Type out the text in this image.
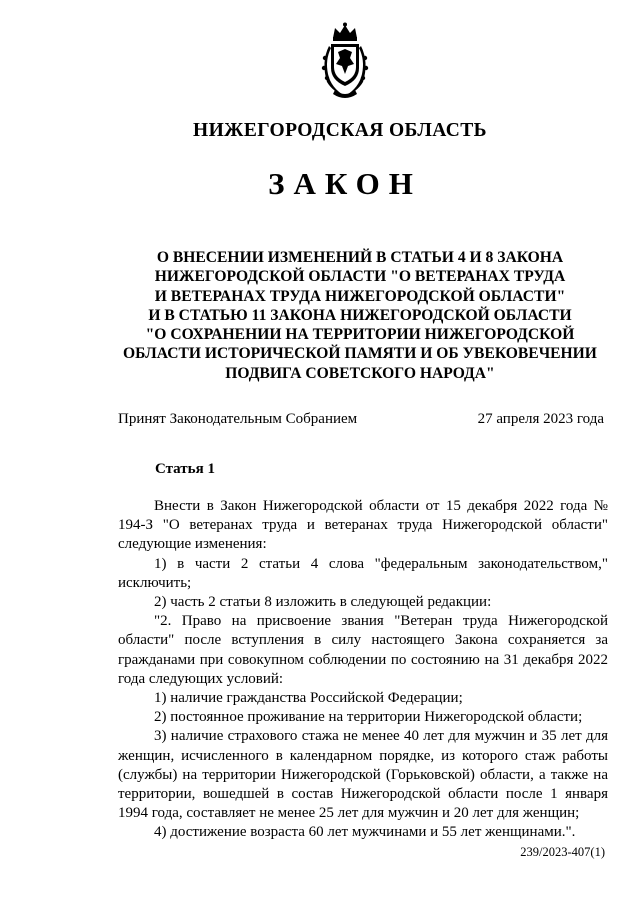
НИЖЕГОРОДСКАЯ ОБЛАСТЬ
ЗАКОН
О ВНЕСЕНИИ ИЗМЕНЕНИЙ В СТАТЬИ 4 И 8 ЗАКОНА
НИЖЕГОРОДСКОЙ ОБЛАСТИ "О ВЕТЕРАНАХ ТРУДА
И ВЕТЕРАНАХ ТРУДА НИЖЕГОРОДСКОЙ ОБЛАСТИ"
И В СТАТЬЮ 11 ЗАКОНА НИЖЕГОРОДСКОЙ ОБЛАСТИ
"О СОХРАНЕНИИ НА ТЕРРИТОРИИ НИЖЕГОРОДСКОЙ
ОБЛАСТИ ИСТОРИЧЕСКОЙ ПАМЯТИ И ОБ УВЕКОВЕЧЕНИИ
ПОДВИГА СОВЕТСКОГО НАРОДА"
Принят Законодательным Собранием	27 апреля 2023 года
Статья 1

Внести в Закон Нижегородской области от 15 декабря 2022 года № 194-З "О ветеранах труда и ветеранах труда Нижегородской области" следующие изменения:

1) в части 2 статьи 4 слова "федеральным законодательством," исключить;

2) часть 2 статьи 8 изложить в следующей редакции:

"2. Право на присвоение звания "Ветеран труда Нижегородской области" после вступления в силу настоящего Закона сохраняется за гражданами при совокупном соблюдении по состоянию на 31 декабря 2022 года следующих условий:

1) наличие гражданства Российской Федерации;

2) постоянное проживание на территории Нижегородской области;

3) наличие страхового стажа не менее 40 лет для мужчин и 35 лет для женщин, исчисленного в календарном порядке, из которого стаж работы (службы) на территории Нижегородской (Горьковской) области, а также на территории, вошедшей в состав Нижегородской области после 1 января 1994 года, составляет не менее 25 лет для мужчин и 20 лет для женщин;

4) достижение возраста 60 лет мужчинами и 55 лет женщинами.".

239/2023-407(1)
